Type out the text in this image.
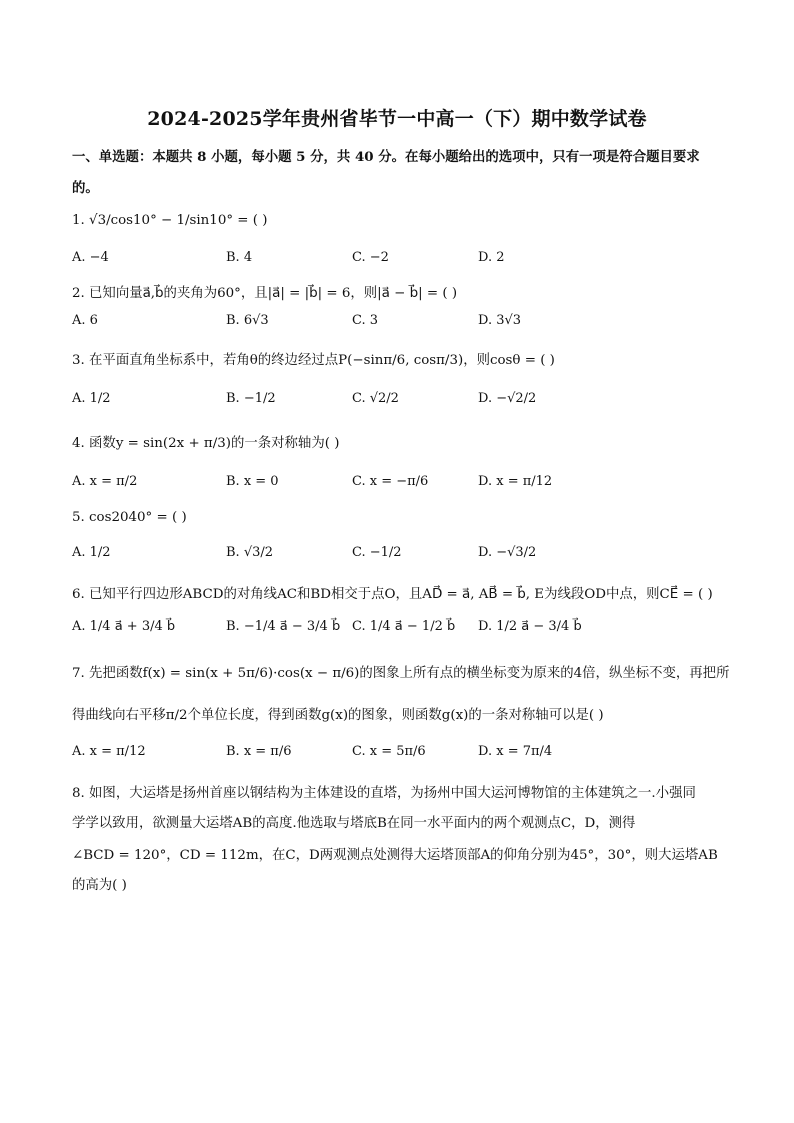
2024-2025学年贵州省毕节一中高一（下）期中数学试卷
一、单选题：本题共 8 小题，每小题 5 分，共 40 分。在每小题给出的选项中，只有一项是符合题目要求
的。
1. √3/cos10° − 1/sin10° = ( )
A. −4	B. 4	C. −2	D. 2
2. 已知向量a⃗,b⃗的夹角为60°，且|a⃗| = |b⃗| = 6，则|a⃗ − b⃗| = ( )
A. 6	B. 6√3	C. 3	D. 3√3
3. 在平面直角坐标系中，若角θ的终边经过点P(−sinπ/6, cosπ/3)，则cosθ = ( )
A. 1/2	B. −1/2	C. √2/2	D. −√2/2
4. 函数y = sin(2x + π/3)的一条对称轴为( )
A. x = π/2	B. x = 0	C. x = −π/6	D. x = π/12
5. cos2040° = ( )
A. 1/2	B. √3/2	C. −1/2	D. −√3/2
6. 已知平行四边形ABCD的对角线AC和BD相交于点O，且AD⃗ = a⃗, AB⃗ = b⃗, E为线段OD中点，则CE⃗ = ( )
A. 1/4 a⃗ + 3/4 b⃗	B. −1/4 a⃗ − 3/4 b⃗ C. 1/4 a⃗ − 1/2 b⃗ D. 1/2 a⃗ − 3/4 b⃗
7. 先把函数f(x) = sin(x + 5π/6)·cos(x − π/6)的图象上所有点的横坐标变为原来的4倍，纵坐标不变，再把所
得曲线向右平移π/2个单位长度，得到函数g(x)的图象，则函数g(x)的一条对称轴可以是( )
A. x = π/12	B. x = π/6	C. x = 5π/6	D. x = 7π/4
8. 如图，大运塔是扬州首座以钢结构为主体建设的直塔，为扬州中国大运河博物馆的主体建筑之一.小强同
学学以致用，欲测量大运塔AB的高度.他选取与塔底B在同一水平面内的两个观测点C，D，测得
∠BCD = 120°，CD = 112m，在C，D两观测点处测得大运塔顶部A的仰角分别为45°，30°，则大运塔AB
的高为( )
